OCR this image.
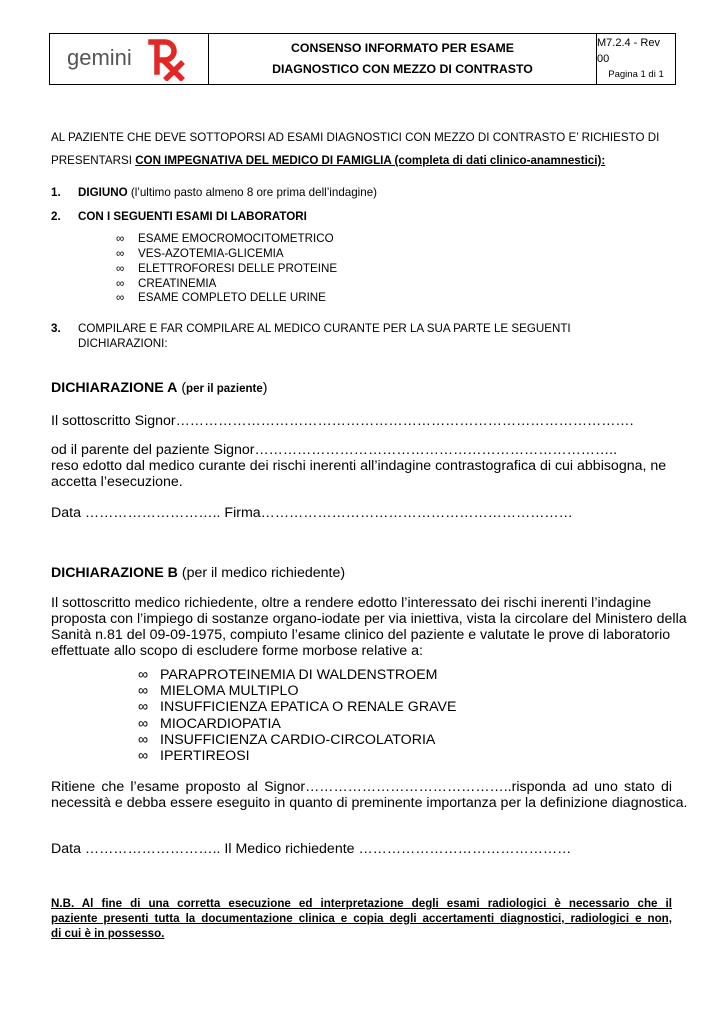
gemini	CONSENSO INFORMATO PER ESAME
DIAGNOSTICO CON MEZZO DI CONTRASTO
M7.2.4 - Rev 00
Pagina 1 di 1
AL PAZIENTE CHE DEVE SOTTOPORSI AD ESAMI DIAGNOSTICI CON MEZZO DI CONTRASTO E’ RICHIESTO DI
PRESENTARSI CON IMPEGNATIVA DEL MEDICO DI FAMIGLIA (completa di dati clinico-anamnestici):
1. DIGIUNO (l’ultimo pasto almeno 8 ore prima dell’indagine)
2. CON I SEGUENTI ESAMI DI LABORATORI
∞ ESAME EMOCROMOCITOMETRICO
∞ VES-AZOTEMIA-GLICEMIA
∞ ELETTROFORESI DELLE PROTEINE
∞ CREATINEMIA
∞ ESAME COMPLETO DELLE URINE
3. COMPILARE E FAR COMPILARE AL MEDICO CURANTE PER LA SUA PARTE LE SEGUENTI
DICHIARAZIONI:
DICHIARAZIONE A (per il paziente)
Il sottoscritto Signor…………………………………………………………………………………….
od il parente del paziente Signor…………………………………………………………………..
reso edotto dal medico curante dei rischi inerenti all’indagine contrastografica di cui abbisogna, ne
accetta l’esecuzione.
Data ……………………….. Firma…………………………………………………………
DICHIARAZIONE B (per il medico richiedente)
Il sottoscritto medico richiedente, oltre a rendere edotto l’interessato dei rischi inerenti l’indagine
proposta con l’impiego di sostanze organo-iodate per via iniettiva, vista la circolare del Ministero della
Sanità n.81 del 09-09-1975, compiuto l’esame clinico del paziente e valutate le prove di laboratorio
effettuate allo scopo di escludere forme morbose relative a:
∞ PARAPROTEINEMIA DI WALDENSTROEM
∞ MIELOMA MULTIPLO
∞ INSUFFICIENZA EPATICA O RENALE GRAVE
∞ MIOCARDIOPATIA
∞ INSUFFICIENZA CARDIO-CIRCOLATORIA
∞ IPERTIREOSI
Ritiene che l’esame proposto al Signor……………………………………..risponda ad uno stato di
necessità e debba essere eseguito in quanto di preminente importanza per la definizione diagnostica.
Data ……………………….. Il Medico richiedente ………………………………………
N.B. Al fine di una corretta esecuzione ed interpretazione degli esami radiologici è necessario che il
paziente presenti tutta la documentazione clinica e copia degli accertamenti diagnostici, radiologici e non,
di cui è in possesso.
